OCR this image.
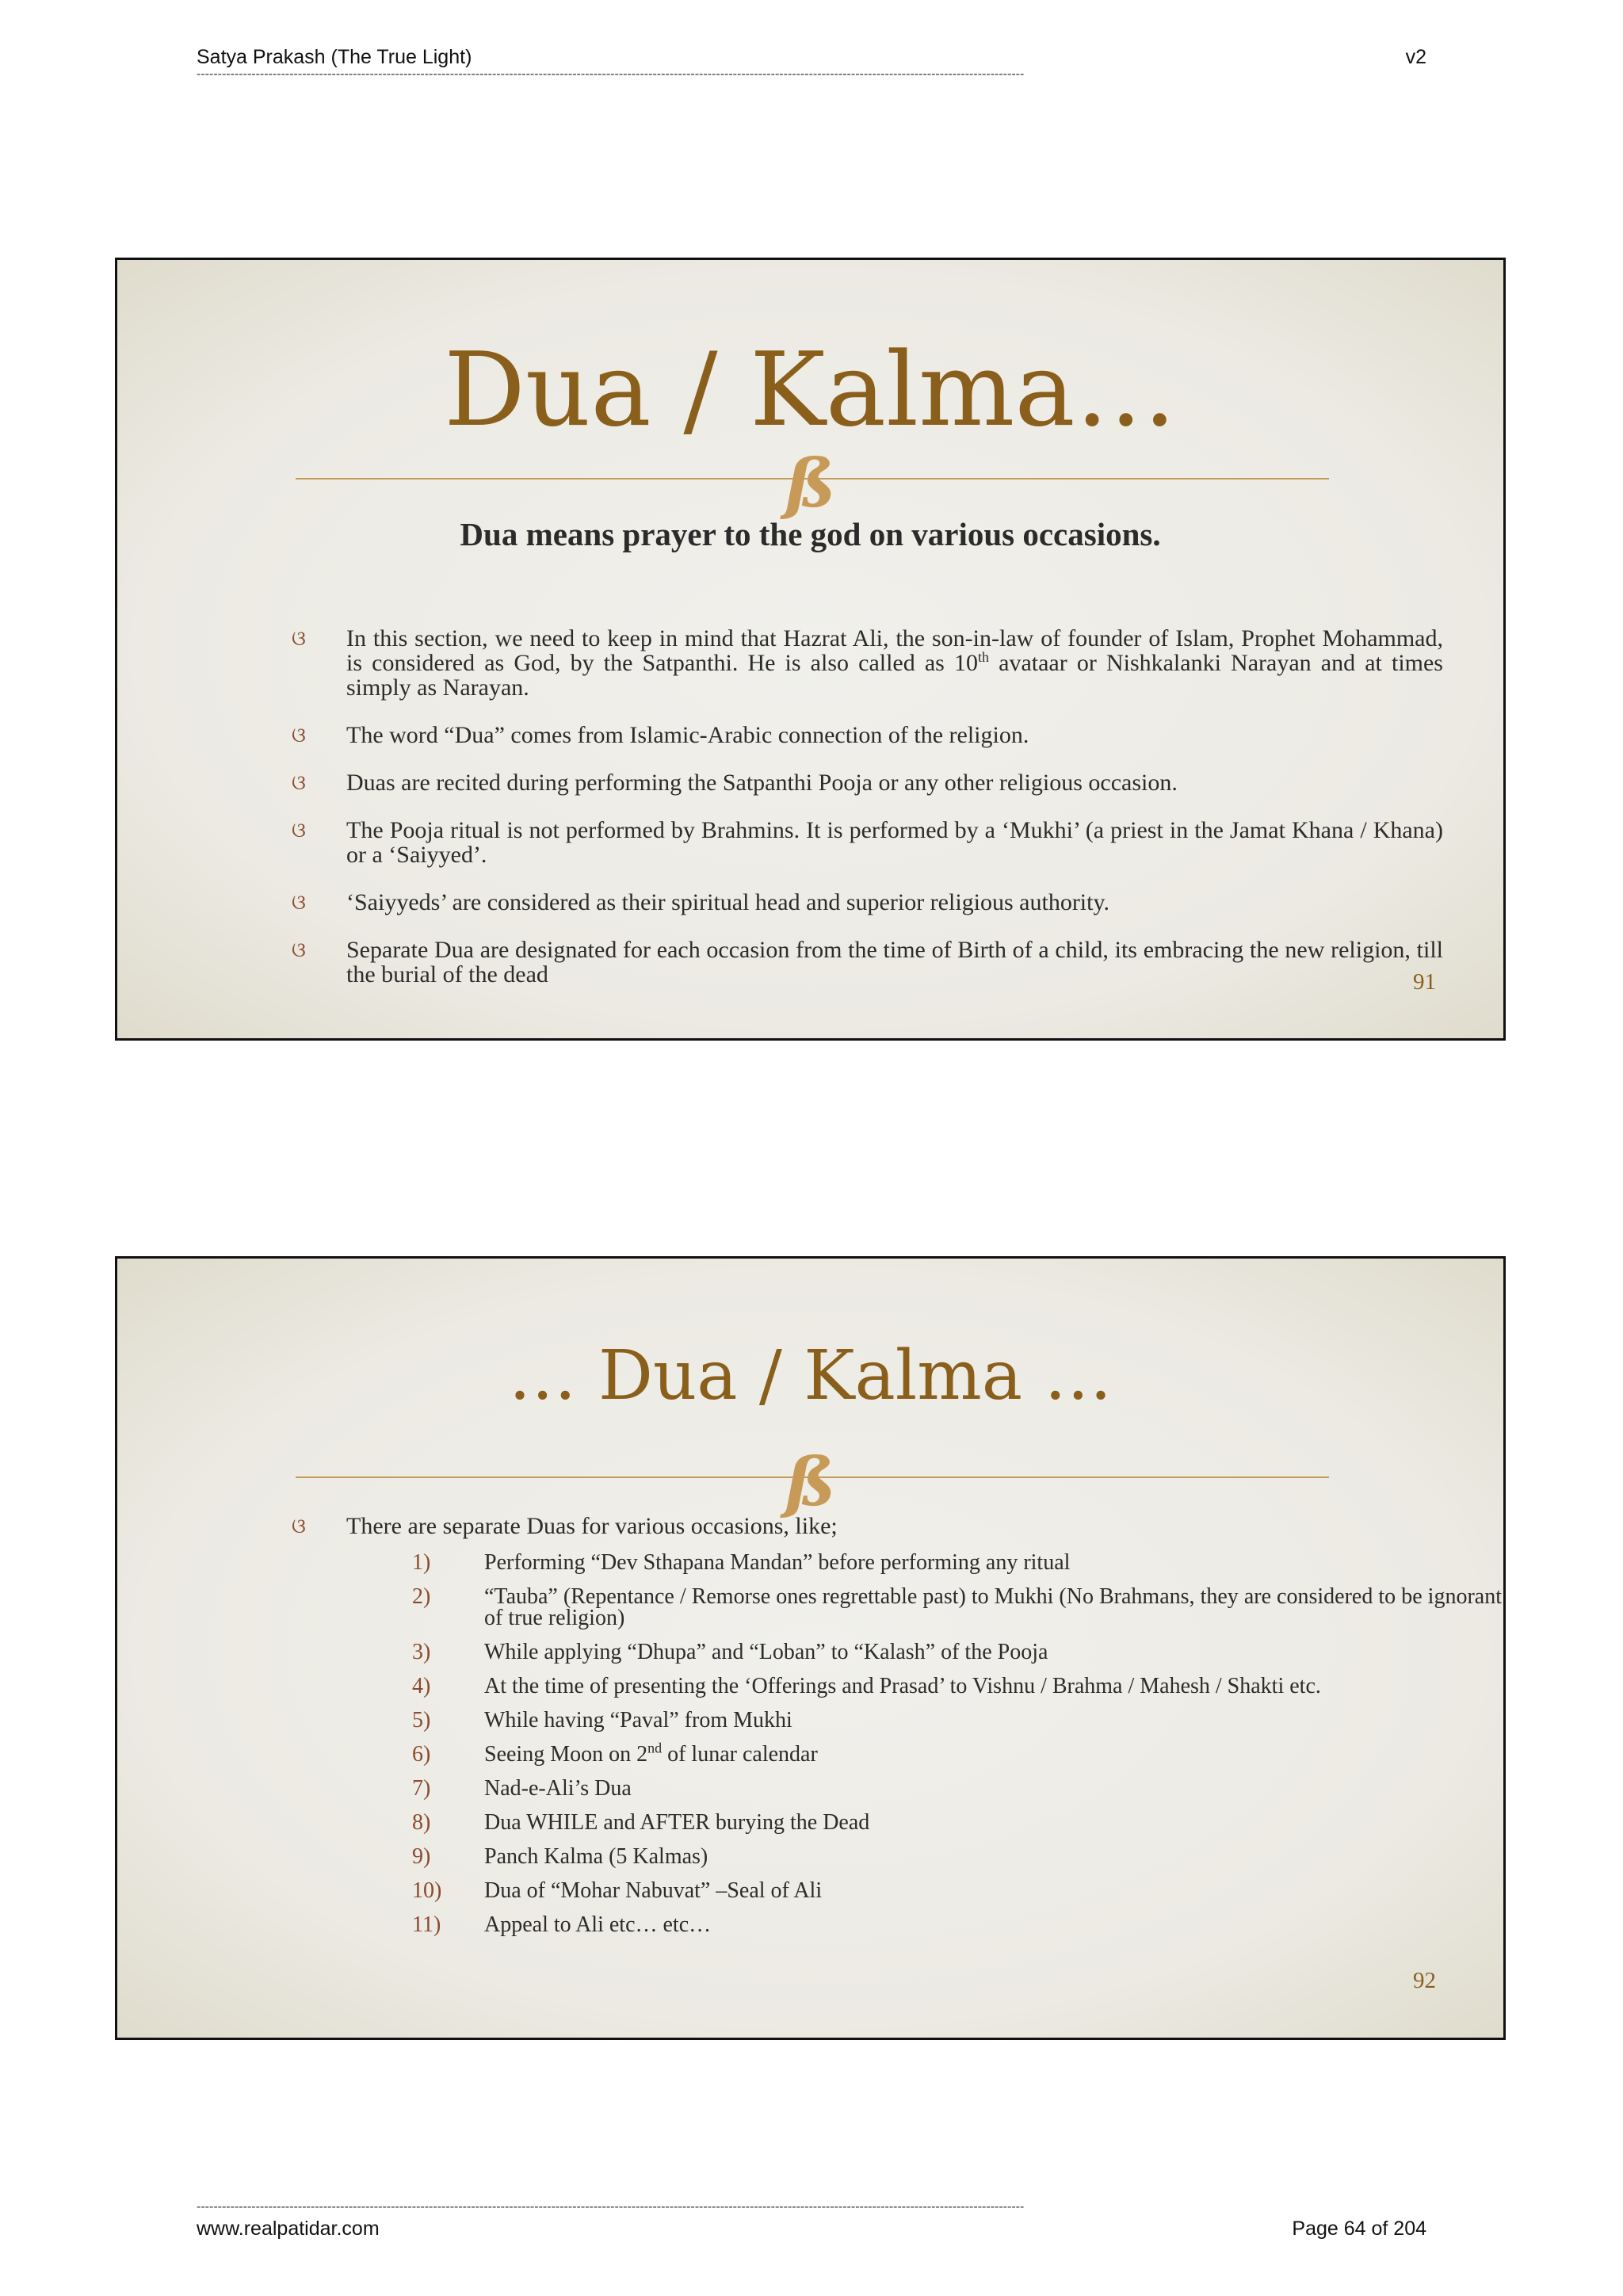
Satya Prakash (The True Light)	v2
----------------------------------------------------------------------------------------------------------------------------------------------------------------------------------------------------
Dua / Kalma…
ß
Dua means prayer to the god on various occasions.
ଓ	In this section, we need to keep in mind that Hazrat Ali, the son-in-law of founder of Islam, Prophet Mohammad, is considered as God, by the Satpanthi. He is also called as 10th avataar or Nishkalanki Narayan and at times simply as Narayan.
ଓ	The word “Dua” comes from Islamic-Arabic connection of the religion.
ଓ	Duas are recited during performing the Satpanthi Pooja or any other religious occasion.
ଓ	The Pooja ritual is not performed by Brahmins. It is performed by a ‘Mukhi’ (a priest in the Jamat Khana / Khana) or a ‘Saiyyed’.
ଓ	‘Saiyyeds’ are considered as their spiritual head and superior religious authority.
ଓ	Separate Dua are designated for each occasion from the time of Birth of a child, its embracing the new religion, till the burial of the dead	91
… Dua / Kalma …
ß
ଓ	There are separate Duas for various occasions, like;
1)	Performing “Dev Sthapana Mandan” before performing any ritual
2)	“Tauba” (Repentance / Remorse ones regrettable past) to Mukhi (No Brahmans, they are considered to be ignorant of true religion)
3)	While applying “Dhupa” and “Loban” to “Kalash” of the Pooja
4)	At the time of presenting the ‘Offerings and Prasad’ to Vishnu / Brahma / Mahesh / Shakti etc.
5)	While having “Paval” from Mukhi
6)	Seeing Moon on 2nd of lunar calendar
7)	Nad-e-Ali’s Dua
8)	Dua WHILE and AFTER burying the Dead
9)	Panch Kalma (5 Kalmas)
10)	Dua of “Mohar Nabuvat” –Seal of Ali
11)	Appeal to Ali etc… etc…
92
----------------------------------------------------------------------------------------------------------------------------------------------------------------------------------------------------
www.realpatidar.com	Page 64 of 204
